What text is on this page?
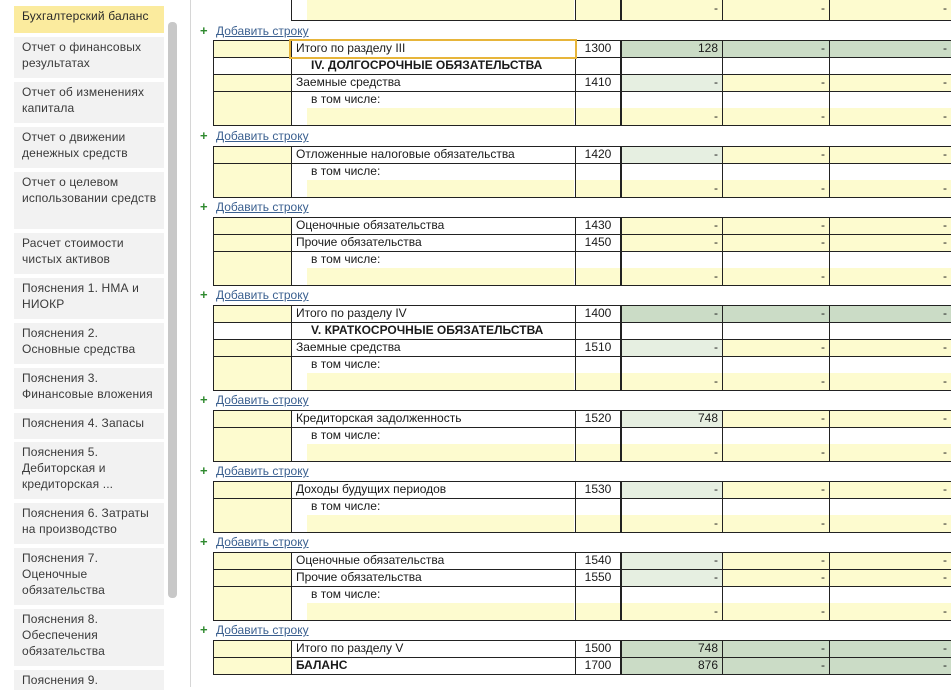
Бухгалтерский баланс
Отчет о финансовых результатах
Отчет об изменениях капитала
Отчет о движении денежных средств
Отчет о целевом использовании средств
Расчет стоимости чистых активов
Пояснения 1. НМА и НИОКР
Пояснения 2. Основные средства
Пояснения 3. Финансовые вложения
Пояснения 4. Запасы
Пояснения 5. Дебиторская и кредиторская ...
Пояснения 6. Затраты на производство
Пояснения 7. Оценочные обязательства
Пояснения 8. Обеспечения обязательства
Пояснения 9.
-	-	-
+ Добавить строку
Итого по разделу III	1300	128	-	-
IV. ДОЛГОСРОЧНЫЕ ОБЯЗАТЕЛЬСТВА
Заемные средства	1410	-	-	-
в том числе:
-	-	-
+ Добавить строку
Отложенные налоговые обязательства	1420	-	-	-
в том числе:
-	-	-
+ Добавить строку
Оценочные обязательства	1430	-	-	-
Прочие обязательства	1450	-	-	-
в том числе:
-	-	-
+ Добавить строку
Итого по разделу IV	1400	-	-	-
V. КРАТКОСРОЧНЫЕ ОБЯЗАТЕЛЬСТВА
Заемные средства	1510	-	-	-
в том числе:
-	-	-
+ Добавить строку
Кредиторская задолженность	1520	748	-	-
в том числе:
-	-	-
+ Добавить строку
Доходы будущих периодов	1530	-	-	-
в том числе:
-	-	-
+ Добавить строку
Оценочные обязательства	1540	-	-	-
Прочие обязательства	1550	-	-	-
в том числе:
-	-	-
+ Добавить строку
Итого по разделу V	1500	748	-	-
БАЛАНС	1700	876	-	-
